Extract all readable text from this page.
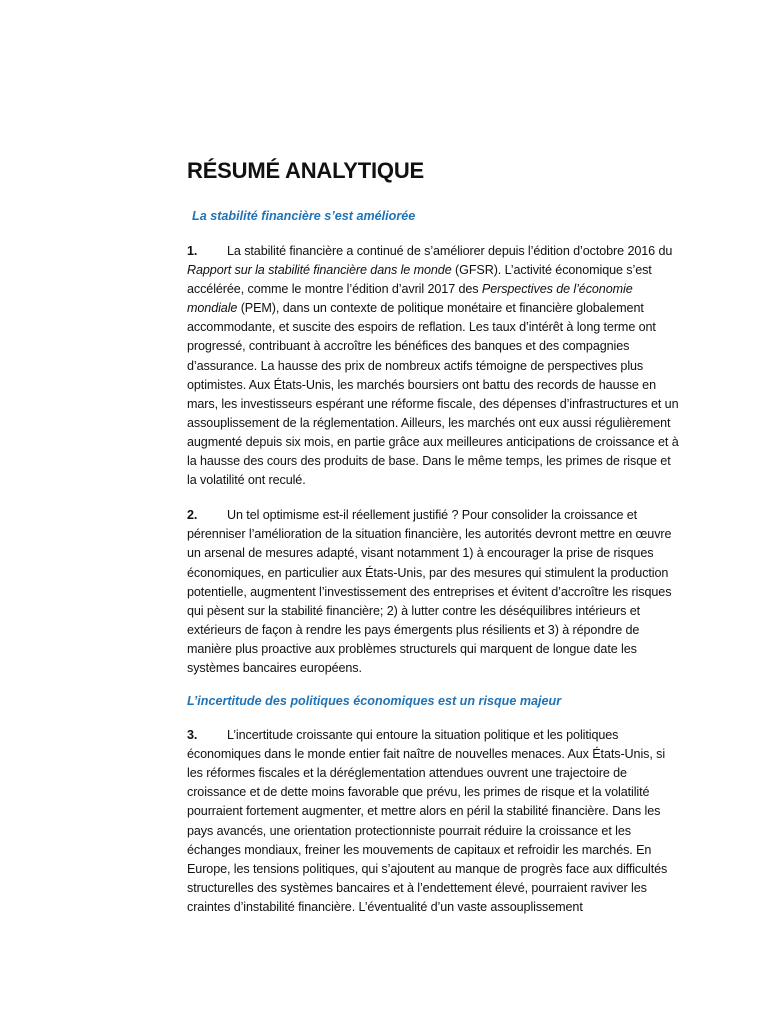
RÉSUMÉ ANALYTIQUE
La stabilité financière s’est améliorée

1. La stabilité financière a continué de s’améliorer depuis l’édition d’octobre 2016 du Rapport sur la stabilité financière dans le monde (GFSR). L’activité économique s’est accélérée, comme le montre l’édition d’avril 2017 des Perspectives de l’économie mondiale (PEM), dans un contexte de politique monétaire et financière globalement accommodante, et suscite des espoirs de reflation. Les taux d’intérêt à long terme ont progressé, contribuant à accroître les bénéfices des banques et des compagnies d’assurance. La hausse des prix de nombreux actifs témoigne de perspectives plus optimistes. Aux États-Unis, les marchés boursiers ont battu des records de hausse en mars, les investisseurs espérant une réforme fiscale, des dépenses d’infrastructures et un assouplissement de la réglementation. Ailleurs, les marchés ont eux aussi régulièrement augmenté depuis six mois, en partie grâce aux meilleures anticipations de croissance et à la hausse des cours des produits de base. Dans le même temps, les primes de risque et la volatilité ont reculé.

2. Un tel optimisme est-il réellement justifié ? Pour consolider la croissance et pérenniser l’amélioration de la situation financière, les autorités devront mettre en œuvre un arsenal de mesures adapté, visant notamment 1) à encourager la prise de risques économiques, en particulier aux États-Unis, par des mesures qui stimulent la production potentielle, augmentent l’investissement des entreprises et évitent d’accroître les risques qui pèsent sur la stabilité financière; 2) à lutter contre les déséquilibres intérieurs et extérieurs de façon à rendre les pays émergents plus résilients et 3) à répondre de manière plus proactive aux problèmes structurels qui marquent de longue date les systèmes bancaires européens.

L’incertitude des politiques économiques est un risque majeur

3. L’incertitude croissante qui entoure la situation politique et les politiques économiques dans le monde entier fait naître de nouvelles menaces. Aux États-Unis, si les réformes fiscales et la déréglementation attendues ouvrent une trajectoire de croissance et de dette moins favorable que prévu, les primes de risque et la volatilité pourraient fortement augmenter, et mettre alors en péril la stabilité financière. Dans les pays avancés, une orientation protectionniste pourrait réduire la croissance et les échanges mondiaux, freiner les mouvements de capitaux et refroidir les marchés. En Europe, les tensions politiques, qui s’ajoutent au manque de progrès face aux difficultés structurelles des systèmes bancaires et à l’endettement élevé, pourraient raviver les craintes d’instabilité financière. L’éventualité d’un vaste assouplissement
